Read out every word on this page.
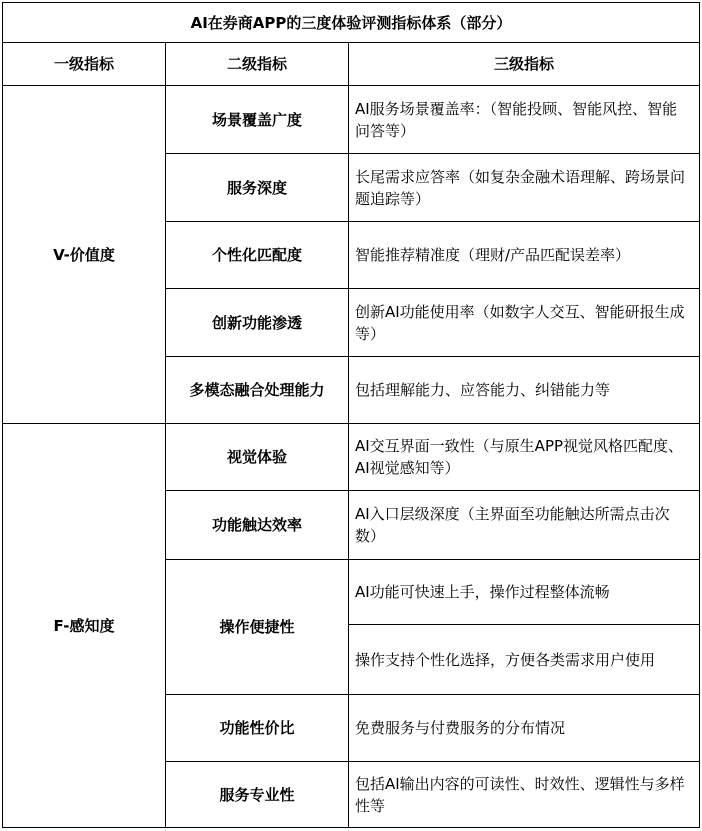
AI在券商APP的三度体验评测指标体系（部分）		
一级指标	二级指标	三级指标
V-价值度	场景覆盖广度	AI服务场景覆盖率：（智能投顾、智能风控、智能问答等）
	服务深度	长尾需求应答率（如复杂金融术语理解、跨场景问题追踪等）
	个性化匹配度	智能推荐精准度（理财/产品匹配误差率）
	创新功能渗透	创新AI功能使用率（如数字人交互、智能研报生成等）
	多模态融合处理能力	包括理解能力、应答能力、纠错能力等
F-感知度	视觉体验	AI交互界面一致性（与原生APP视觉风格匹配度、AI视觉感知等）
	功能触达效率	AI入口层级深度（主界面至功能触达所需点击次数）
	操作便捷性	AI功能可快速上手，操作过程整体流畅
		操作支持个性化选择，方便各类需求用户使用
	功能性价比	免费服务与付费服务的分布情况
	服务专业性	包括AI输出内容的可读性、时效性、逻辑性与多样性等
